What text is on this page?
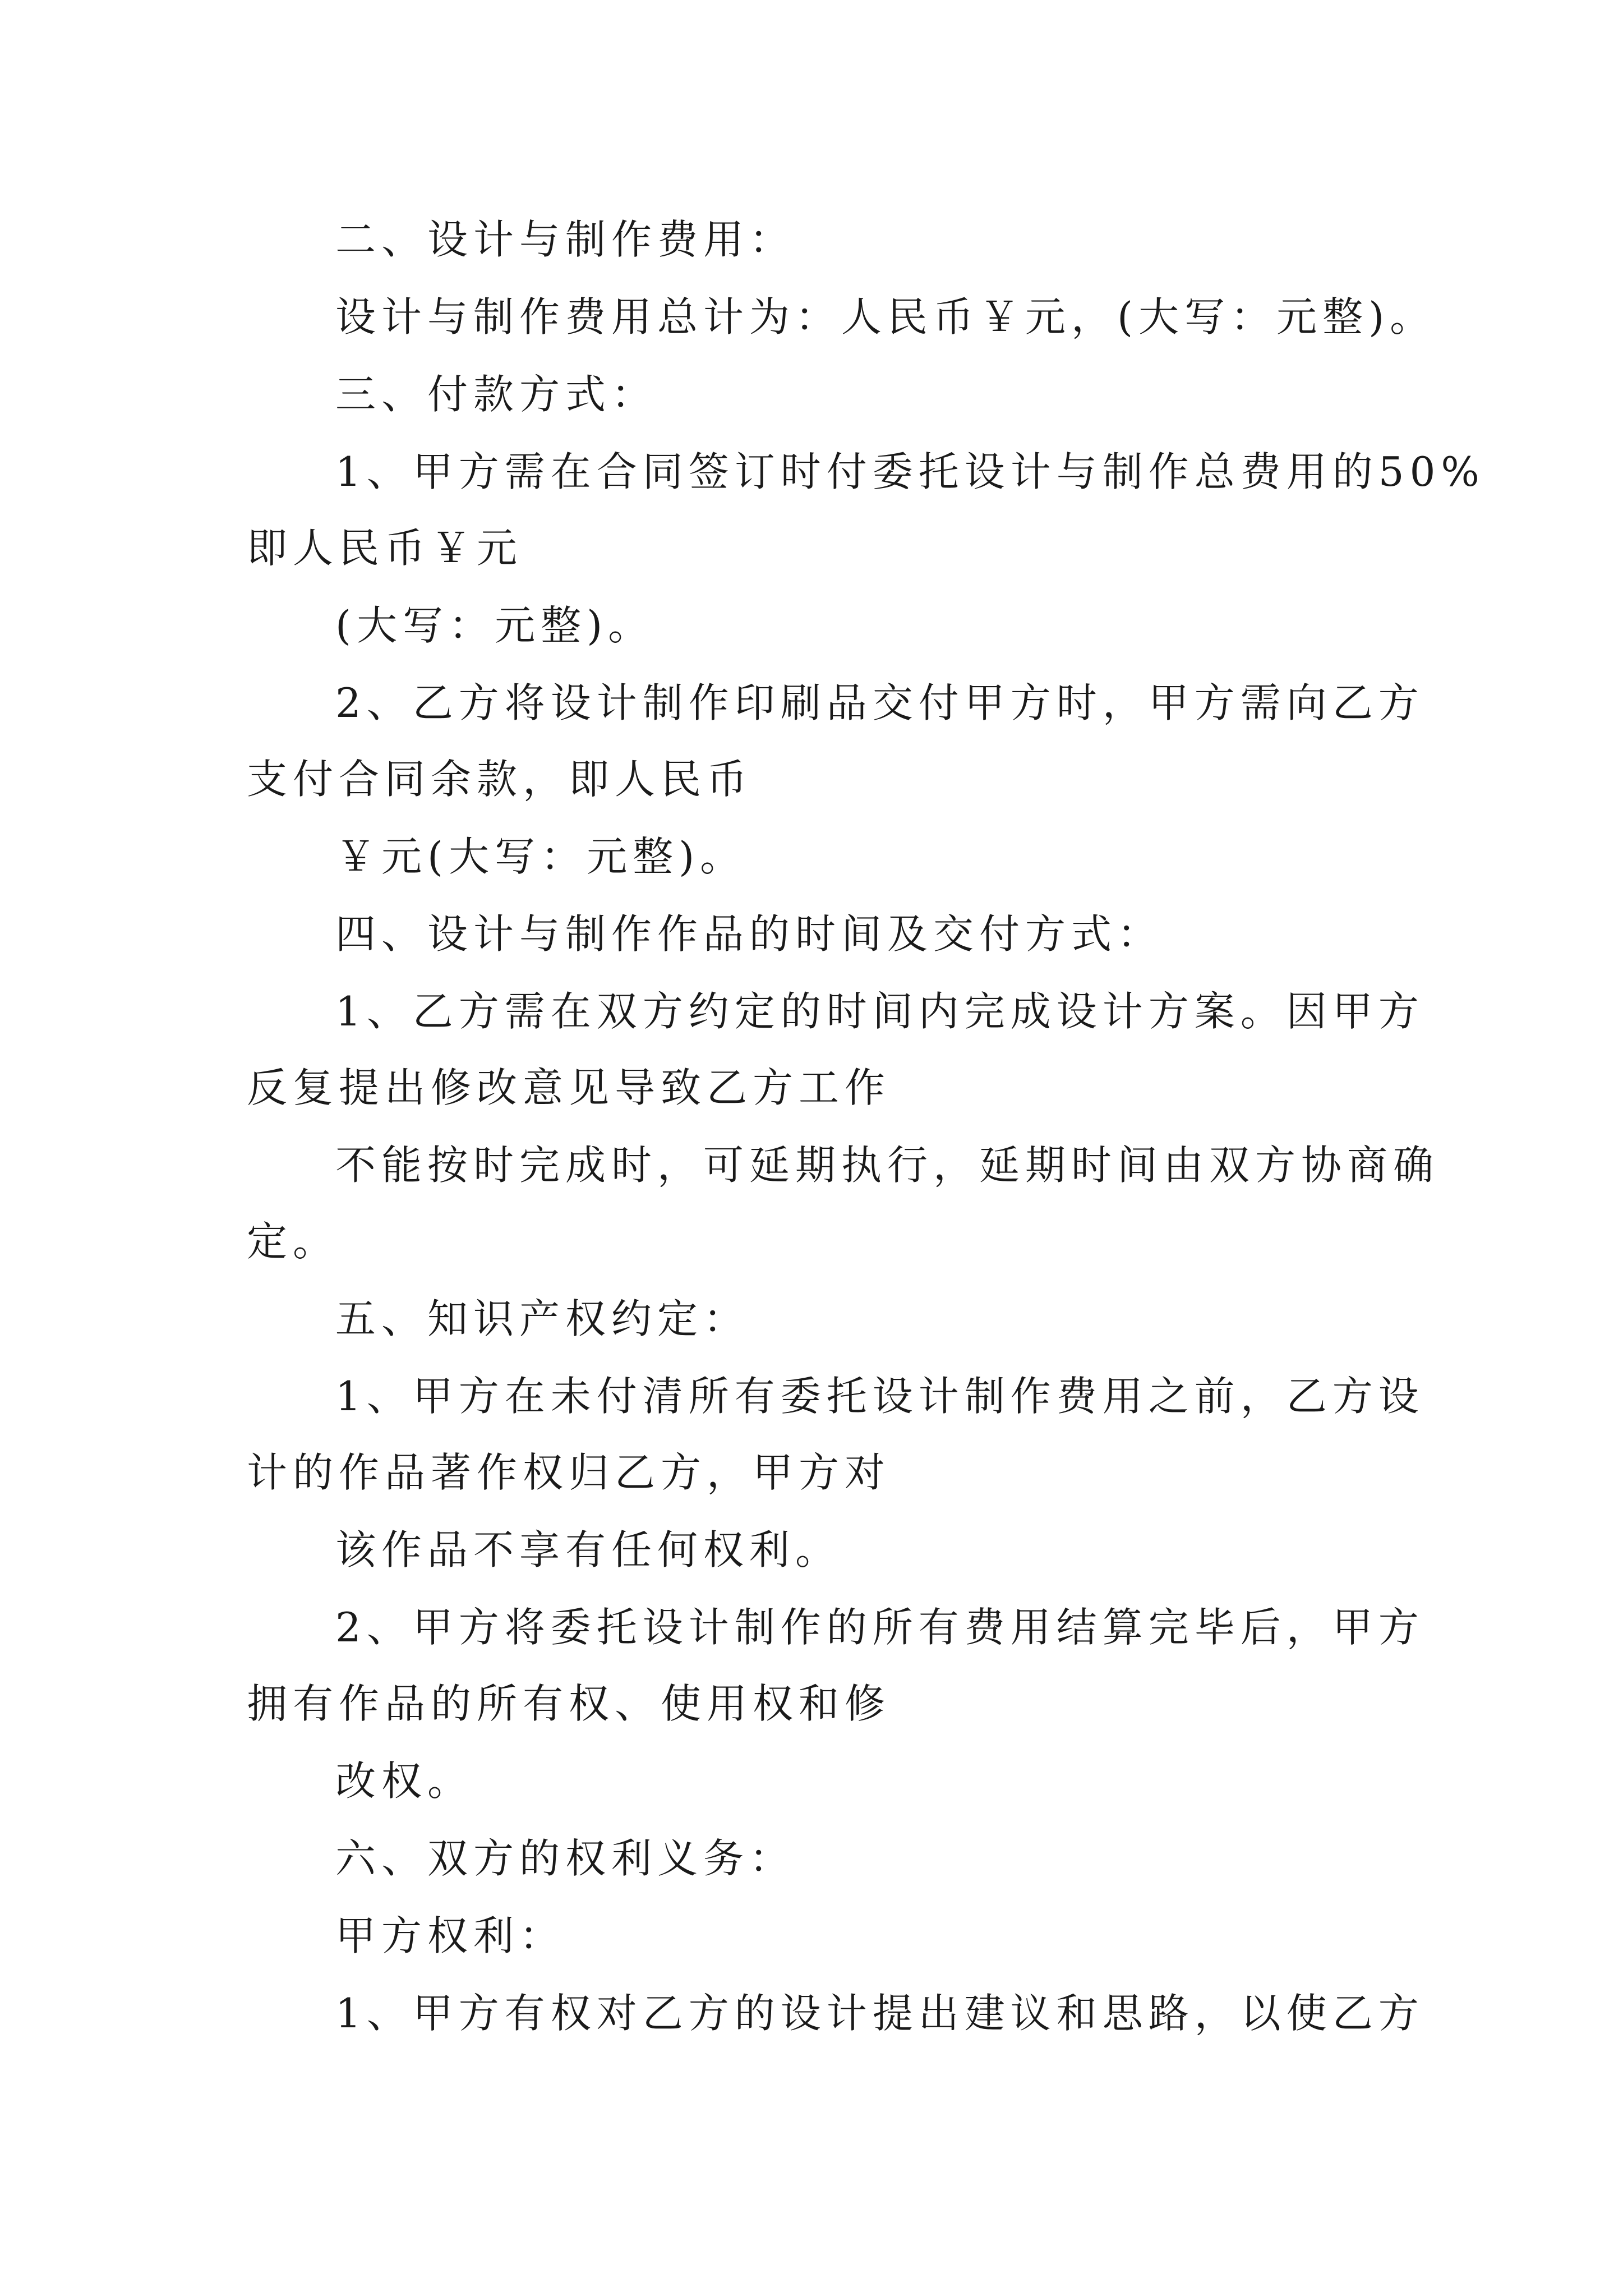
二、设计与制作费用：
设计与制作费用总计为：人民币￥元，(大写：元整)。
三、付款方式：
1、甲方需在合同签订时付委托设计与制作总费用的50%
即人民币￥元
(大写：元整)。
2、乙方将设计制作印刷品交付甲方时，甲方需向乙方
支付合同余款，即人民币
￥元(大写：元整)。
四、设计与制作作品的时间及交付方式：
1、乙方需在双方约定的时间内完成设计方案。因甲方
反复提出修改意见导致乙方工作
不能按时完成时，可延期执行，延期时间由双方协商确
定。
五、知识产权约定：
1、甲方在未付清所有委托设计制作费用之前，乙方设
计的作品著作权归乙方，甲方对
该作品不享有任何权利。
2、甲方将委托设计制作的所有费用结算完毕后，甲方
拥有作品的所有权、使用权和修
改权。
六、双方的权利义务：
甲方权利：
1、甲方有权对乙方的设计提出建议和思路，以使乙方
